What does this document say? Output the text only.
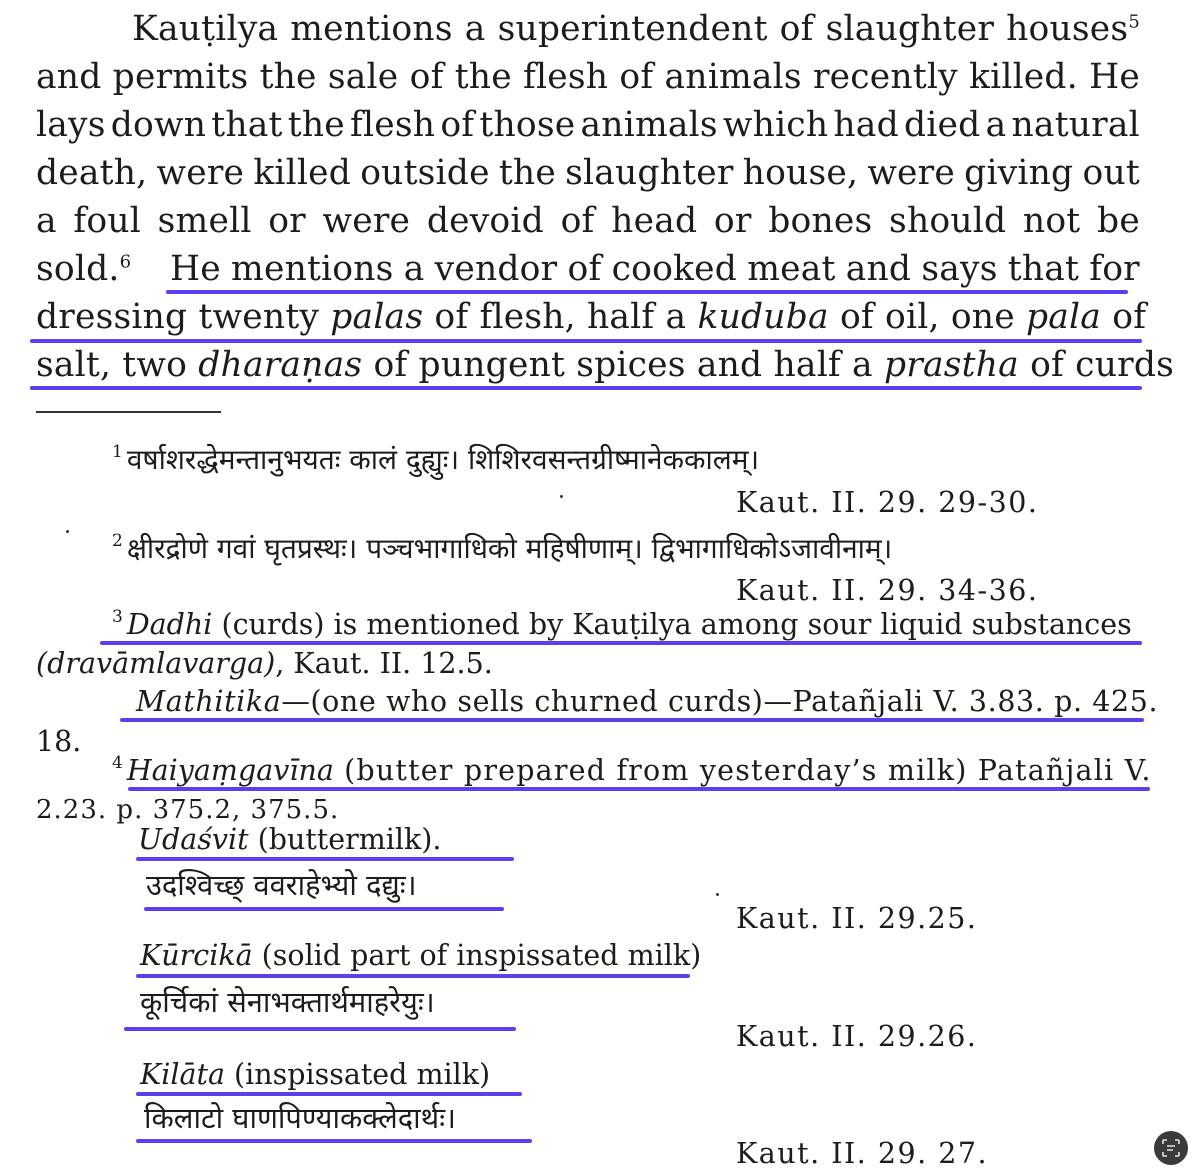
Kauṭilya mentions a superintendent of slaughter houses$^5$
and permits the sale of the flesh of animals recently killed. He
lays down that the flesh of those animals which had died a natural
death, were killed outside the slaughter house, were giving out
a foul smell or were devoid of head or bones should not be
sold.$^6$ He mentions a vendor of cooked meat and says that for
dressing twenty palas of flesh, half a kuduba of oil, one pala of
salt, two dharaṇas of pungent spices and half a prastha of curds
$^1$ वर्षाशरद्धेमन्तानुभयतः कालं दुह्युः। शिशिरवसन्तग्रीष्मानेककालम्।
Kaut. II. 29. 29-30.
$^2$ क्षीरद्रोणे गवां घृतप्रस्थः। पञ्चभागाधिको महिषीणाम्। द्विभागाधिकोऽजावीनाम्।
Kaut. II. 29. 34-36.
$^3$ Dadhi (curds) is mentioned by Kauṭilya among sour liquid substances
(dravāmlavarga), Kaut. II. 12.5.
Mathitika—(one who sells churned curds)—Patañjali V. 3.83. p. 425.
18.
$^4$ Haiyaṃgavīna (butter prepared from yesterday’s milk) Patañjali V.
2.23. p. 375.2, 375.5.
Udaśvit (buttermilk).
उदश्विच्छ् ववराहेभ्यो दद्युः।
Kaut. II. 29.25.
Kūrcikā (solid part of inspissated milk)
कूर्चिकां सेनाभक्तार्थमाहरेयुः।
Kaut. II. 29.26.
Kilāta (inspissated milk)
किलाटो घाणपिण्याकक्लेदार्थः।
Kaut. II. 29. 27.
